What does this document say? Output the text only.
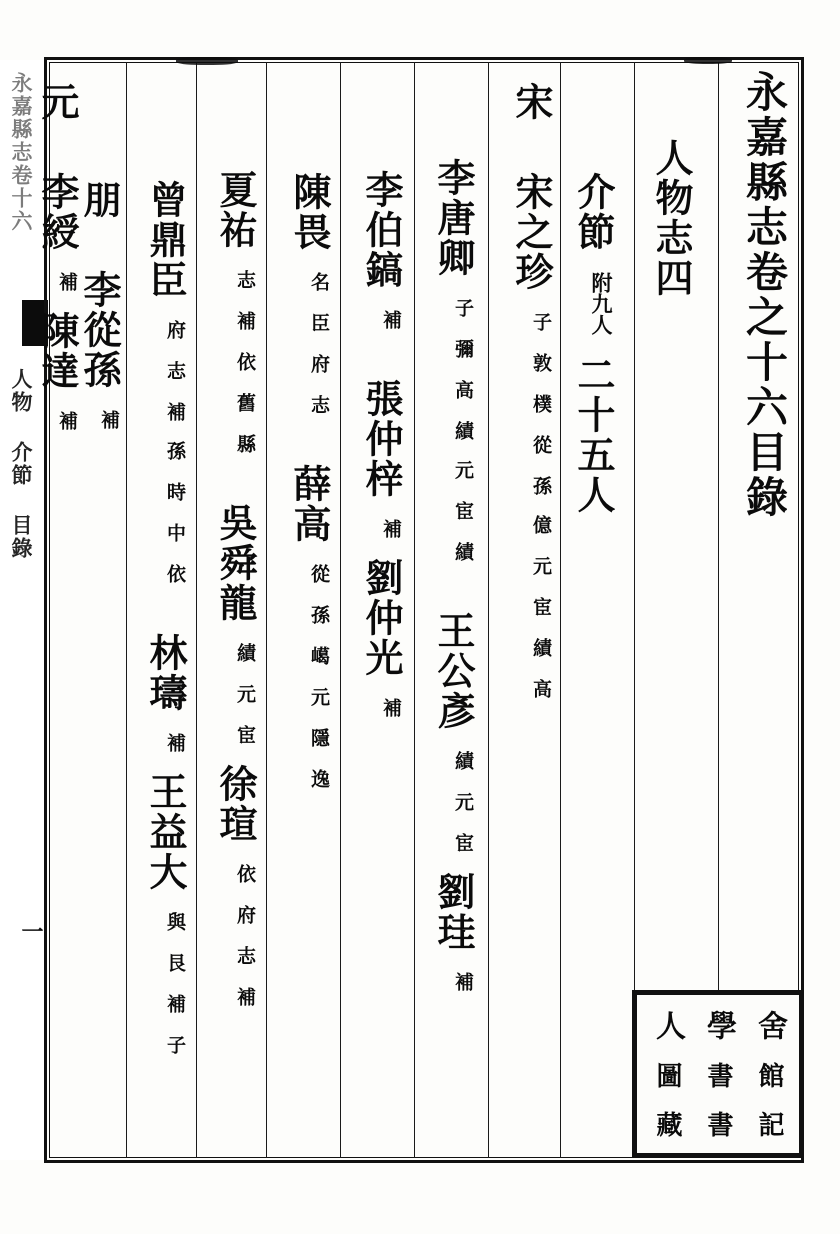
永嘉縣志卷十六
人物 介節 目錄
一
永嘉縣志卷之十六目錄
人物志四
介節 附九人 二十五人
宋  宋之珍 子 敦 樸 從 孫 億 元 宦 績 高
李唐卿 子 彌 高 績 元 宦 績  王公彥 績 元 宦 劉珪 補
李伯鎬 補  張仲梓 補 劉仲光 補
陳畏 名 臣 府 志  薛高 從 孫 嶱 元 隱 逸
夏祐 志 補 依 舊 縣  吳舜龍 績 元 宦 徐瑄 依 府 志 補
曾鼎臣 府 志 補 孫 時 中 依  林璹 補 王益大 與 艮 補 子
朋  李從孫 補
元  李綬 補 陳達 補
人 學 舍
圖 書 館
藏 書 記
